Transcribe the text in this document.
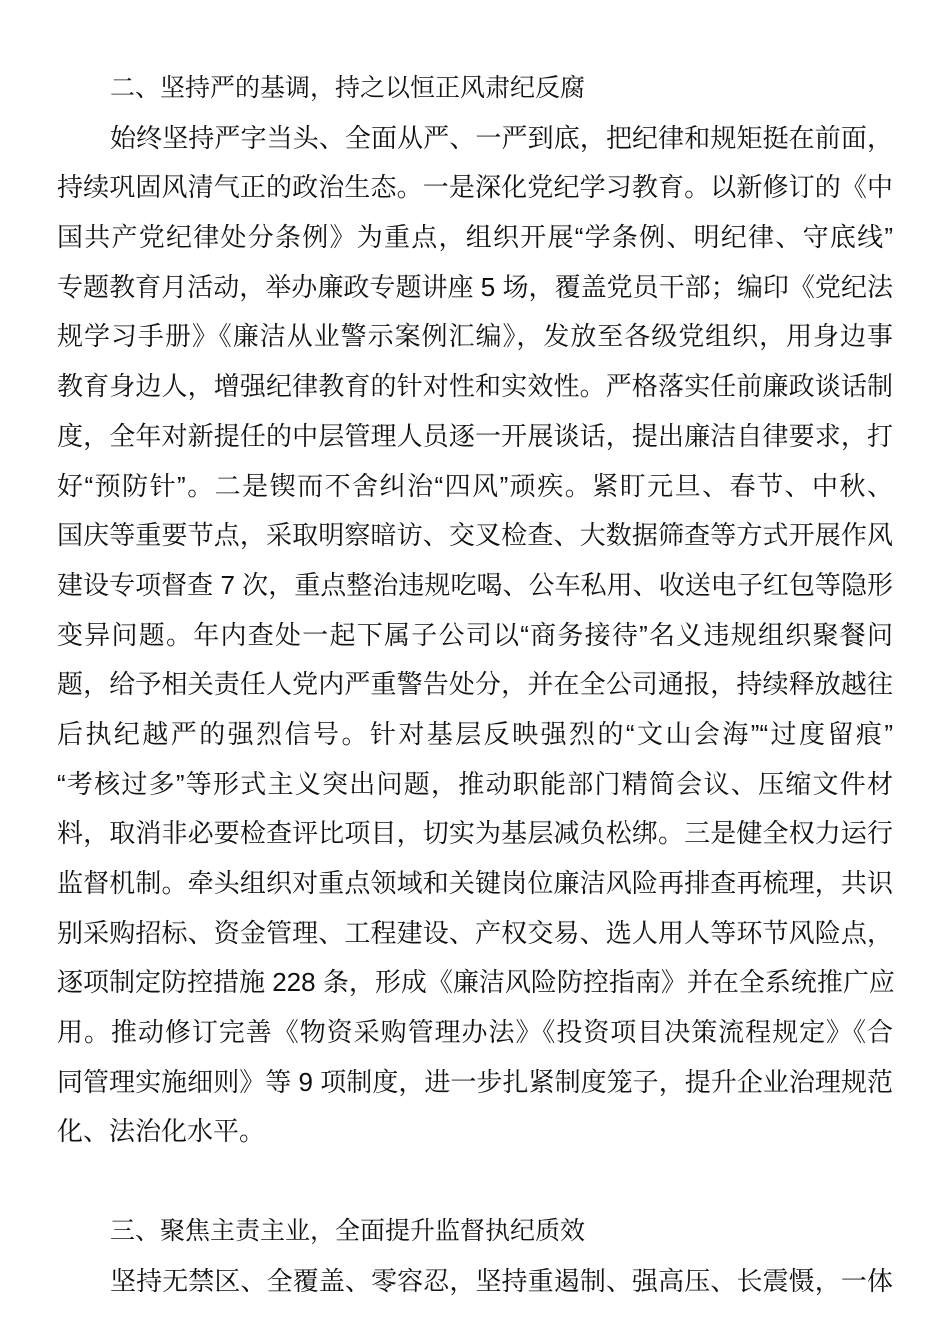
二、坚持严的基调，持之以恒正风肃纪反腐
始终坚持严字当头、全面从严、一严到底，把纪律和规矩挺在前面，
持续巩固风清气正的政治生态。一是深化党纪学习教育。以新修订的《中
国共产党纪律处分条例》为重点，组织开展“学条例、明纪律、守底线”
专题教育月活动，举办廉政专题讲座 5 场，覆盖党员干部；编印《党纪法
规学习手册》《廉洁从业警示案例汇编》，发放至各级党组织，用身边事
教育身边人，增强纪律教育的针对性和实效性。严格落实任前廉政谈话制
度，全年对新提任的中层管理人员逐一开展谈话，提出廉洁自律要求，打
好“预防针”。二是锲而不舍纠治“四风”顽疾。紧盯元旦、春节、中秋、
国庆等重要节点，采取明察暗访、交叉检查、大数据筛查等方式开展作风
建设专项督查 7 次，重点整治违规吃喝、公车私用、收送电子红包等隐形
变异问题。年内查处一起下属子公司以“商务接待”名义违规组织聚餐问
题，给予相关责任人党内严重警告处分，并在全公司通报，持续释放越往
后执纪越严的强烈信号。针对基层反映强烈的“文山会海”“过度留痕”
“考核过多”等形式主义突出问题，推动职能部门精简会议、压缩文件材
料，取消非必要检查评比项目，切实为基层减负松绑。三是健全权力运行
监督机制。牵头组织对重点领域和关键岗位廉洁风险再排查再梳理，共识
别采购招标、资金管理、工程建设、产权交易、选人用人等环节风险点，
逐项制定防控措施 228 条，形成《廉洁风险防控指南》并在全系统推广应
用。推动修订完善《物资采购管理办法》《投资项目决策流程规定》《合
同管理实施细则》等 9 项制度，进一步扎紧制度笼子，提升企业治理规范
化、法治化水平。
三、聚焦主责主业，全面提升监督执纪质效
坚持无禁区、全覆盖、零容忍，坚持重遏制、强高压、长震慑，一体
